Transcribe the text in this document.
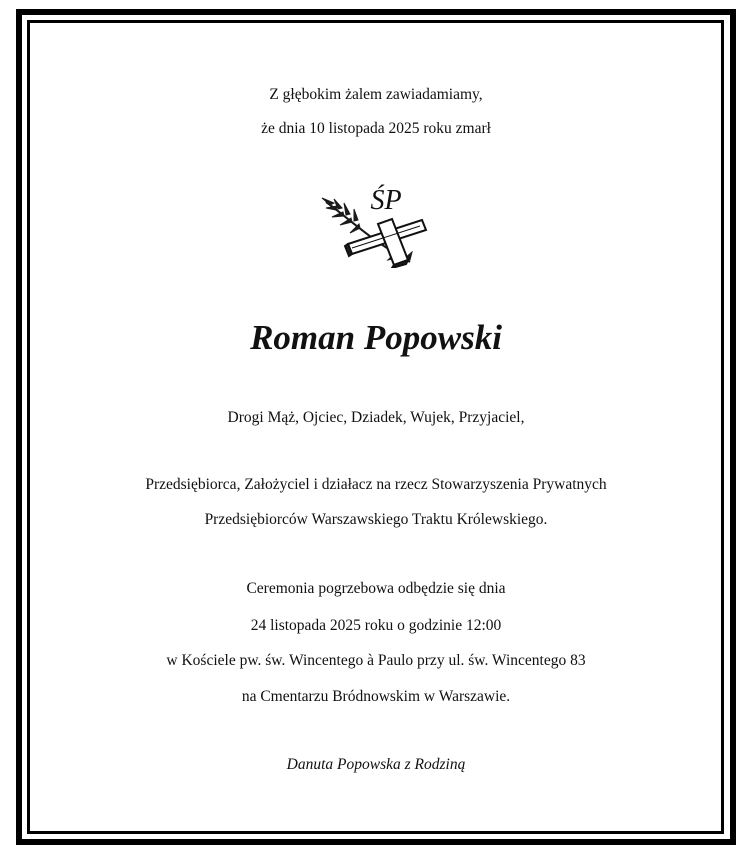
Z głębokim żalem zawiadamiamy,
że dnia 10 listopada 2025 roku zmarł
ŚP
Roman Popowski
Drogi Mąż, Ojciec, Dziadek, Wujek, Przyjaciel,
Przedsiębiorca, Założyciel i działacz na rzecz Stowarzyszenia Prywatnych
Przedsiębiorców Warszawskiego Traktu Królewskiego.
Ceremonia pogrzebowa odbędzie się dnia
24 listopada 2025 roku o godzinie 12:00
w Kościele pw. św. Wincentego à Paulo przy ul. św. Wincentego 83
na Cmentarzu Bródnowskim w Warszawie.
Danuta Popowska z Rodziną
